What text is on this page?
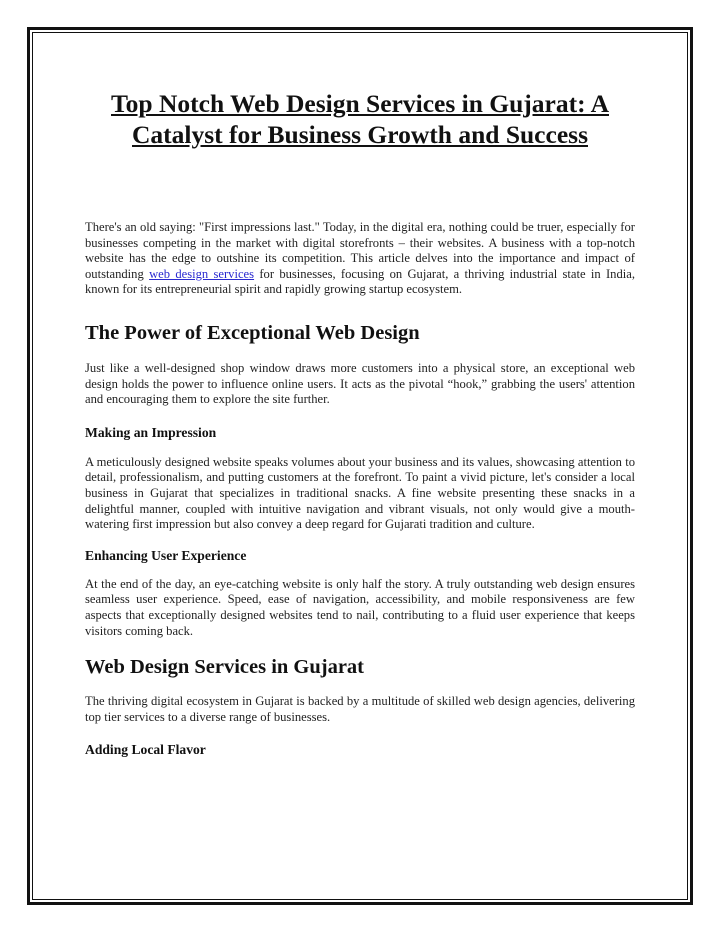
Top Notch Web Design Services in Gujarat: A
Catalyst for Business Growth and Success

There's an old saying: "First impressions last." Today, in the digital era, nothing could be truer, especially for businesses competing in the market with digital storefronts – their websites. A business with a top-notch website has the edge to outshine its competition. This article delves into the importance and impact of outstanding web design services for businesses, focusing on Gujarat, a thriving industrial state in India, known for its entrepreneurial spirit and rapidly growing startup ecosystem.

The Power of Exceptional Web Design

Just like a well-designed shop window draws more customers into a physical store, an exceptional web design holds the power to influence online users. It acts as the pivotal “hook,” grabbing the users' attention and encouraging them to explore the site further.

Making an Impression

A meticulously designed website speaks volumes about your business and its values, showcasing attention to detail, professionalism, and putting customers at the forefront. To paint a vivid picture, let's consider a local business in Gujarat that specializes in traditional snacks. A fine website presenting these snacks in a delightful manner, coupled with intuitive navigation and vibrant visuals, not only would give a mouth-watering first impression but also convey a deep regard for Gujarati tradition and culture.

Enhancing User Experience

At the end of the day, an eye-catching website is only half the story. A truly outstanding web design ensures seamless user experience. Speed, ease of navigation, accessibility, and mobile responsiveness are few aspects that exceptionally designed websites tend to nail, contributing to a fluid user experience that keeps visitors coming back.

Web Design Services in Gujarat

The thriving digital ecosystem in Gujarat is backed by a multitude of skilled web design agencies, delivering top tier services to a diverse range of businesses.

Adding Local Flavor
